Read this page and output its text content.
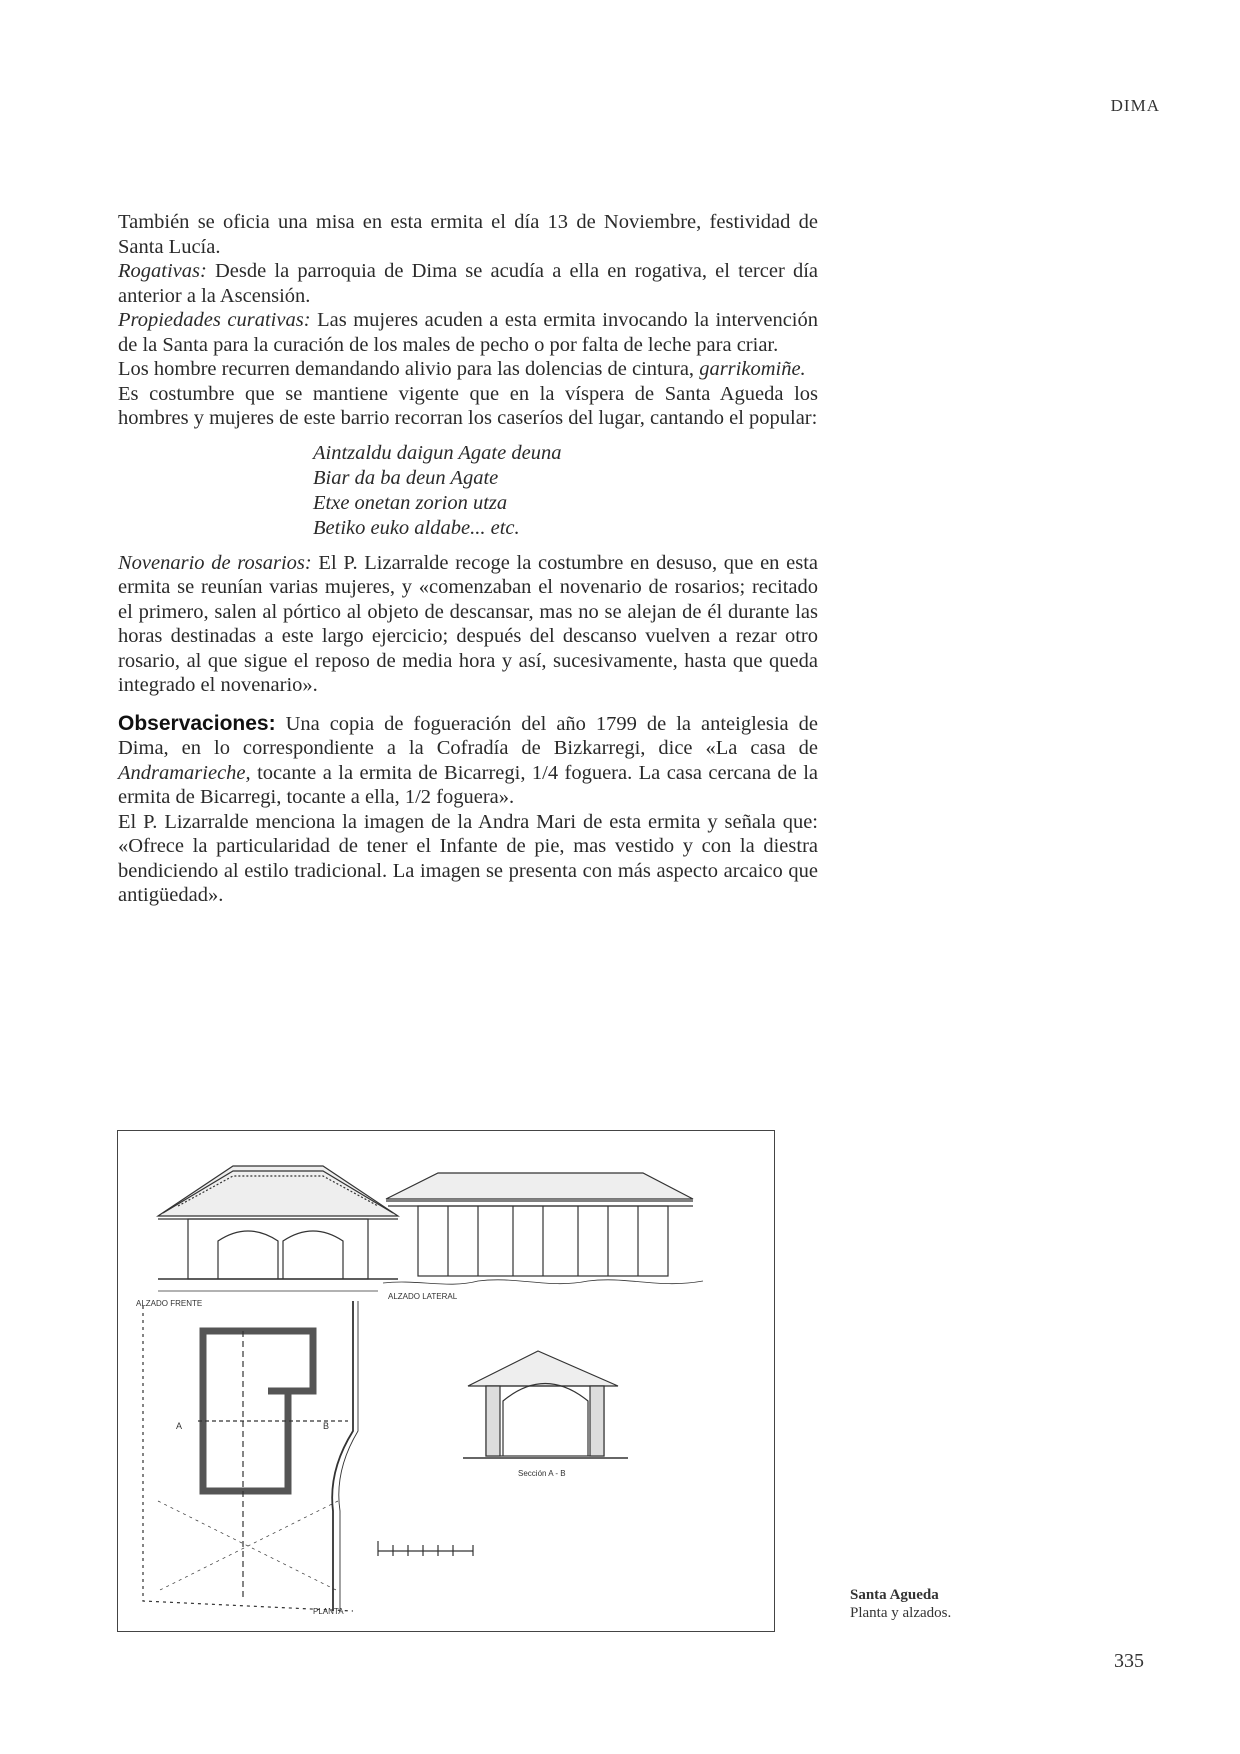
DIMA

También se oficia una misa en esta ermita el día 13 de Noviembre, festividad de Santa Lucía.

Rogativas: Desde la parroquia de Dima se acudía a ella en rogativa, el tercer día anterior a la Ascensión.

Propiedades curativas: Las mujeres acuden a esta ermita invocando la intervención de la Santa para la curación de los males de pecho o por falta de leche para criar.

Los hombre recurren demandando alivio para las dolencias de cintura, garrikomiñe.

Es costumbre que se mantiene vigente que en la víspera de Santa Agueda los hombres y mujeres de este barrio recorran los caseríos del lugar, cantando el popular:

Aintzaldu daigun Agate deuna
Biar da ba deun Agate
Etxe onetan zorion utza
Betiko euko aldabe... etc.

Novenario de rosarios: El P. Lizarralde recoge la costumbre en desuso, que en esta ermita se reunían varias mujeres, y «comenzaban el novenario de rosarios; recitado el primero, salen al pórtico al objeto de descansar, mas no se alejan de él durante las horas destinadas a este largo ejercicio; después del descanso vuelven a rezar otro rosario, al que sigue el reposo de media hora y así, sucesivamente, hasta que queda integrado el novenario».

Observaciones: Una copia de fogueración del año 1799 de la anteiglesia de Dima, en lo correspondiente a la Cofradía de Bizkarregi, dice «La casa de Andramarieche, tocante a la ermita de Bicarregi, 1/4 foguera. La casa cercana de la ermita de Bicarregi, tocante a ella, 1/2 foguera».

El P. Lizarralde menciona la imagen de la Andra Mari de esta ermita y señala que: «Ofrece la particularidad de tener el Infante de pie, mas vestido y con la diestra bendiciendo al estilo tradicional. La imagen se presenta con más aspecto arcaico que antigüedad».

ALZADO FRENTE
ALZADO LATERAL
A	B
PLANTA
Sección A - B
Santa Agueda
Planta y alzados.
335
